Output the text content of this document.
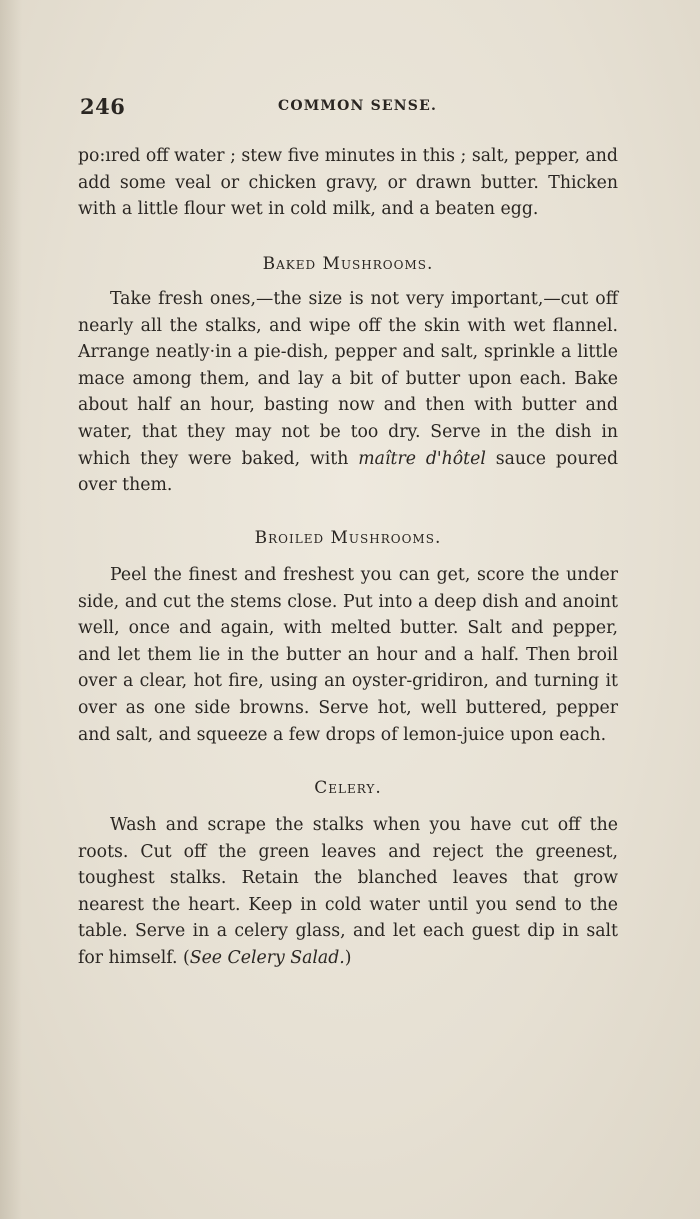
246	COMMON SENSE.

po:ıred off water ; stew five minutes in this ; salt, pepper, and add some veal or chicken gravy, or drawn butter. Thicken with a little flour wet in cold milk, and a beaten egg.

Baked Mushrooms.

Take fresh ones,—the size is not very important,—cut off nearly all the stalks, and wipe off the skin with wet flannel. Arrange neatly·in a pie-dish, pepper and salt, sprinkle a little mace among them, and lay a bit of butter upon each. Bake about half an hour, basting now and then with butter and water, that they may not be too dry. Serve in the dish in which they were baked, with maître d'hôtel sauce poured over them.

Broiled Mushrooms.

Peel the finest and freshest you can get, score the under side, and cut the stems close. Put into a deep dish and anoint well, once and again, with melted butter. Salt and pepper, and let them lie in the butter an hour and a half. Then broil over a clear, hot fire, using an oyster-gridiron, and turning it over as one side browns. Serve hot, well buttered, pepper and salt, and squeeze a few drops of lemon-juice upon each.

Celery.

Wash and scrape the stalks when you have cut off the roots. Cut off the green leaves and reject the greenest, toughest stalks. Retain the blanched leaves that grow nearest the heart. Keep in cold water until you send to the table. Serve in a celery glass, and let each guest dip in salt for himself. (See Celery Salad.)
